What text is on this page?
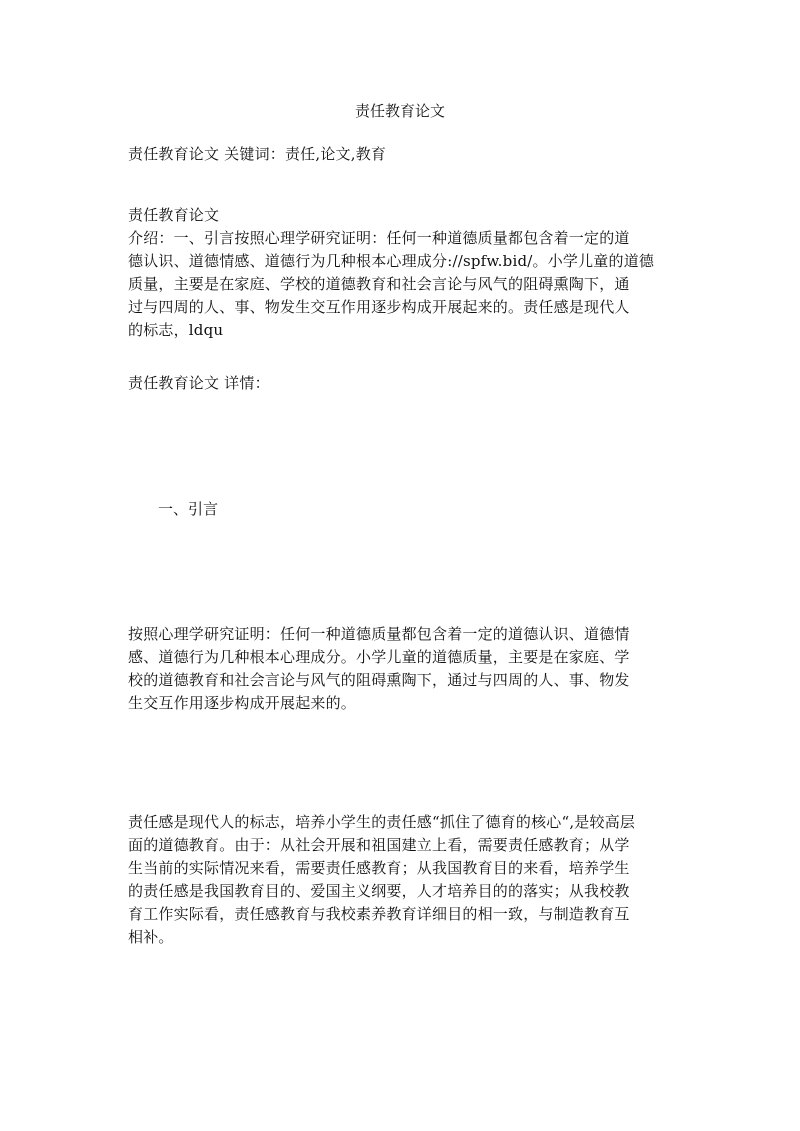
责任教育论文
责任教育论文 关键词：责任,论文,教育
责任教育论文
介绍：一、引言按照心理学研究证明：任何一种道德质量都包含着一定的道
德认识、道德情感、道德行为几种根本心理成分://spfw.bid/。小学儿童的道德
质量，主要是在家庭、学校的道德教育和社会言论与风气的阻碍熏陶下，通
过与四周的人、事、物发生交互作用逐步构成开展起来的。责任感是现代人
的标志，ldqu
责任教育论文 详情：
一、引言
按照心理学研究证明：任何一种道德质量都包含着一定的道德认识、道德情
感、道德行为几种根本心理成分。小学儿童的道德质量，主要是在家庭、学
校的道德教育和社会言论与风气的阻碍熏陶下，通过与四周的人、事、物发
生交互作用逐步构成开展起来的。
责任感是现代人的标志，培养小学生的责任感“抓住了德育的核心“,是较高层
面的道德教育。由于：从社会开展和祖国建立上看，需要责任感教育；从学
生当前的实际情况来看，需要责任感教育；从我国教育目的来看，培养学生
的责任感是我国教育目的、爱国主义纲要，人才培养目的的落实；从我校教
育工作实际看，责任感教育与我校素养教育详细目的相一致，与制造教育互
相补。
